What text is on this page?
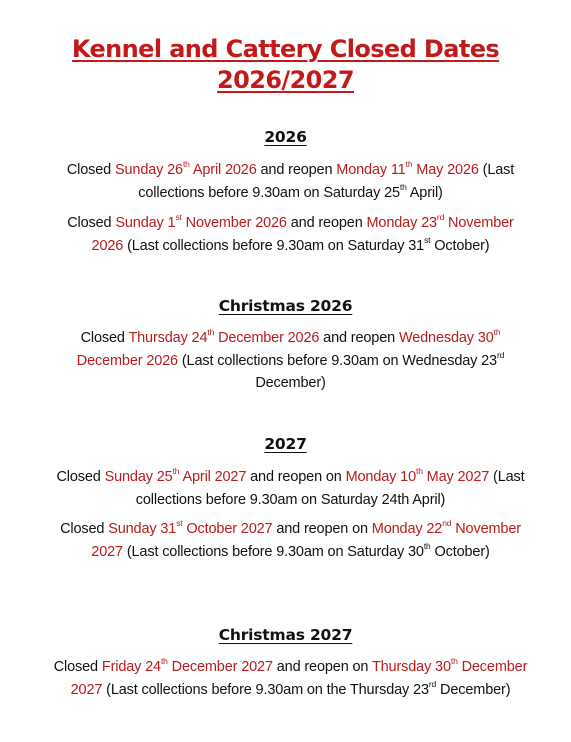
Kennel and Cattery Closed Dates
2026/2027
2026

Closed Sunday 26th April 2026 and reopen Monday 11th May 2026 (Last collections before 9.30am on Saturday 25th April)

Closed Sunday 1st November 2026 and reopen Monday 23rd November 2026 (Last collections before 9.30am on Saturday 31st October)

Christmas 2026

Closed Thursday 24th December 2026 and reopen Wednesday 30th December 2026 (Last collections before 9.30am on Wednesday 23rd December)

2027

Closed Sunday 25th April 2027 and reopen on Monday 10th May 2027 (Last collections before 9.30am on Saturday 24th April)

Closed Sunday 31st October 2027 and reopen on Monday 22nd November 2027 (Last collections before 9.30am on Saturday 30th October)

Christmas 2027

Closed Friday 24th December 2027 and reopen on Thursday 30th December 2027 (Last collections before 9.30am on the Thursday 23rd December)
